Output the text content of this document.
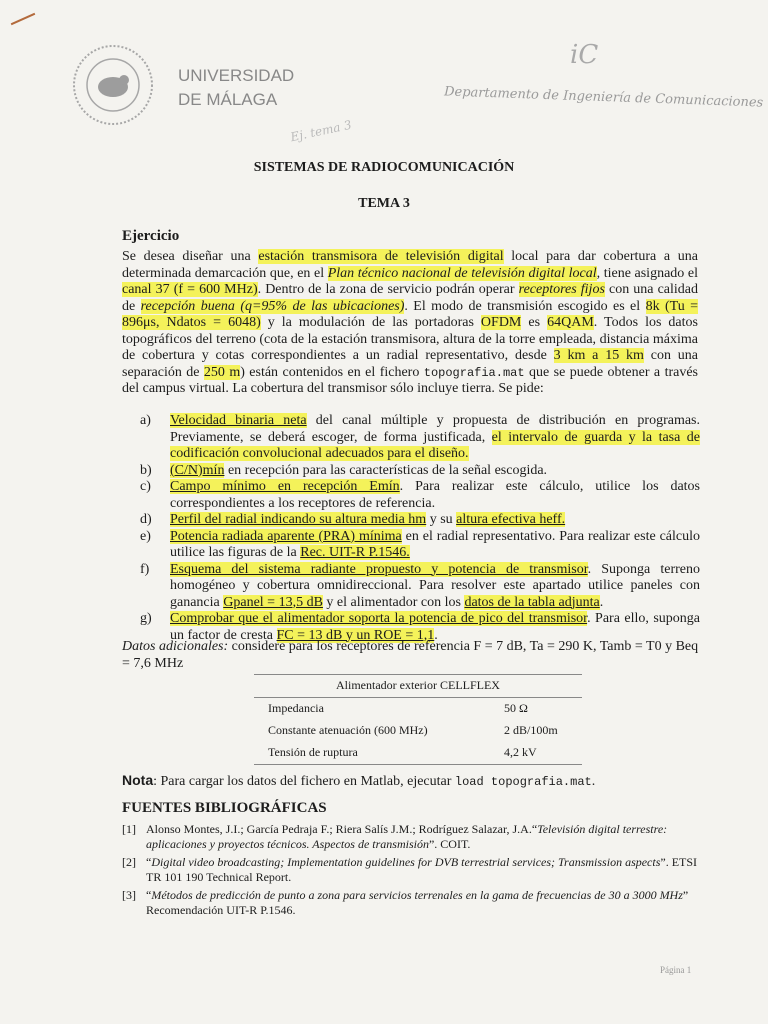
UNIVERSIDAD
DE MÁLAGA
iC
Departamento de Ingeniería de Comunicaciones
Ej. tema 3
SISTEMAS DE RADIOCOMUNICACIÓN
TEMA 3
Ejercicio
Se desea diseñar una estación transmisora de televisión digital local para dar cobertura a una determinada demarcación que, en el Plan técnico nacional de televisión digital local, tiene asignado el canal 37 (f = 600 MHz). Dentro de la zona de servicio podrán operar receptores fijos con una calidad de recepción buena (q=95% de las ubicaciones). El modo de transmisión escogido es el 8k (Tu = 896μs, Ndatos = 6048) y la modulación de las portadoras OFDM es 64QAM. Todos los datos topográficos del terreno (cota de la estación transmisora, altura de la torre empleada, distancia máxima de cobertura y cotas correspondientes a un radial representativo, desde 3 km a 15 km con una separación de 250 m) están contenidos en el fichero topografia.mat que se puede obtener a través del campus virtual. La cobertura del transmisor sólo incluye tierra. Se pide:
a)	Velocidad binaria neta del canal múltiple y propuesta de distribución en programas. Previamente, se deberá escoger, de forma justificada, el intervalo de guarda y la tasa de codificación convolucional adecuados para el diseño.
b)	(C/N)mín en recepción para las características de la señal escogida.
c)	Campo mínimo en recepción Emín. Para realizar este cálculo, utilice los datos correspondientes a los receptores de referencia.
d)	Perfil del radial indicando su altura media hm y su altura efectiva heff.
e)	Potencia radiada aparente (PRA) mínima en el radial representativo. Para realizar este cálculo utilice las figuras de la Rec. UIT-R P.1546.
f)	Esquema del sistema radiante propuesto y potencia de transmisor. Suponga terreno homogéneo y cobertura omnidireccional. Para resolver este apartado utilice paneles con ganancia Gpanel = 13,5 dB y el alimentador con los datos de la tabla adjunta.
g)	Comprobar que el alimentador soporta la potencia de pico del transmisor. Para ello, suponga un factor de cresta FC = 13 dB y un ROE = 1,1.
Datos adicionales: considere para los receptores de referencia F = 7 dB, Ta = 290 K, Tamb = T0 y Beq = 7,6 MHz
Alimentador exterior CELLFLEX	
Impedancia	50 Ω
Constante atenuación (600 MHz)	2 dB/100m
Tensión de ruptura	4,2 kV
Nota: Para cargar los datos del fichero en Matlab, ejecutar load topografia.mat.
FUENTES BIBLIOGRÁFICAS
[1] Alonso Montes, J.I.; García Pedraja F.; Riera Salís J.M.; Rodríguez Salazar, J.A.“Televisión digital terrestre: aplicaciones y proyectos técnicos. Aspectos de transmisión”. COIT.
[2] “Digital video broadcasting; Implementation guidelines for DVB terrestrial services; Transmission aspects”. ETSI TR 101 190 Technical Report.
[3] “Métodos de predicción de punto a zona para servicios terrenales en la gama de frecuencias de 30 a 3000 MHz” Recomendación UIT-R P.1546.
Página 1
